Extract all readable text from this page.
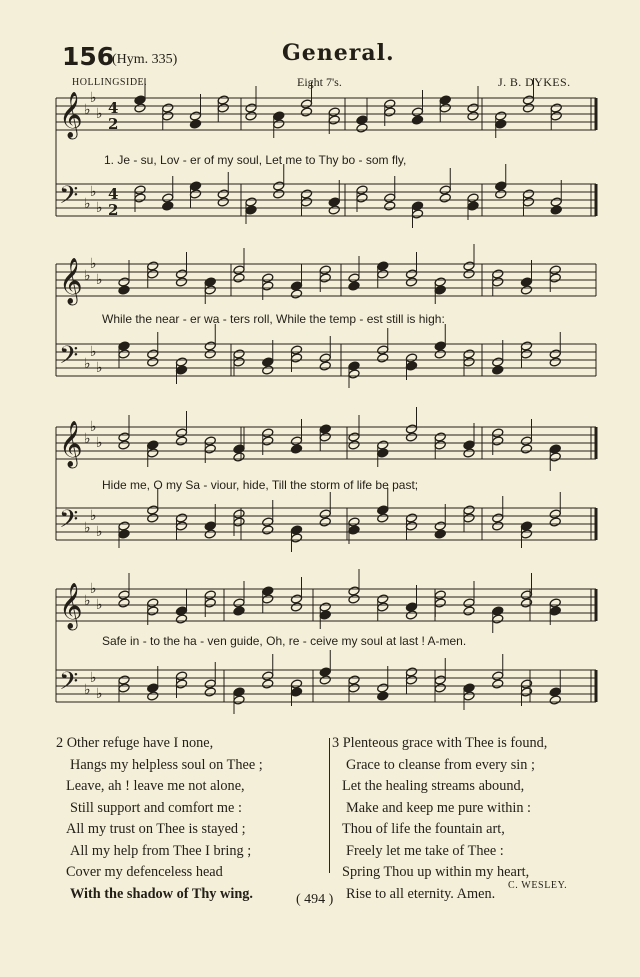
156
(Hym. 335)	General.
HOLLINGSIDE.	Eight 7's.	J. B. DYKES.
𝄞 ♭
♭
♭ 4
2
𝄢 ♭
♭
♭
4
2
𝄞 ♭
♭
♭
𝄢 ♭
♭
♭
𝄞 ♭
♭
♭
𝄢 ♭
♭
♭
𝄞 ♭
♭
♭
𝄢 ♭
♭
♭
1. Je - su, Lov - er of my soul, Let me to Thy bo - som fly,
While the near - er wa - ters roll, While the temp - est still is high:
Hide me, O my Sa - viour, hide, Till the storm of life be past;
Safe in - to the ha - ven guide, Oh, re - ceive my soul at last ! A-men.
2 Other refuge have I none,
Hangs my helpless soul on Thee ;
Leave, ah ! leave me not alone,
Still support and comfort me :
All my trust on Thee is stayed ;
All my help from Thee I bring ;
Cover my defenceless head
With the shadow of Thy wing.
3 Plenteous grace with Thee is found,
Grace to cleanse from every sin ;
Let the healing streams abound,
Make and keep me pure within :
Thou of life the fountain art,
Freely let me take of Thee :
Spring Thou up within my heart,
Rise to all eternity. Amen.	C. WESLEY.
( 494 )
